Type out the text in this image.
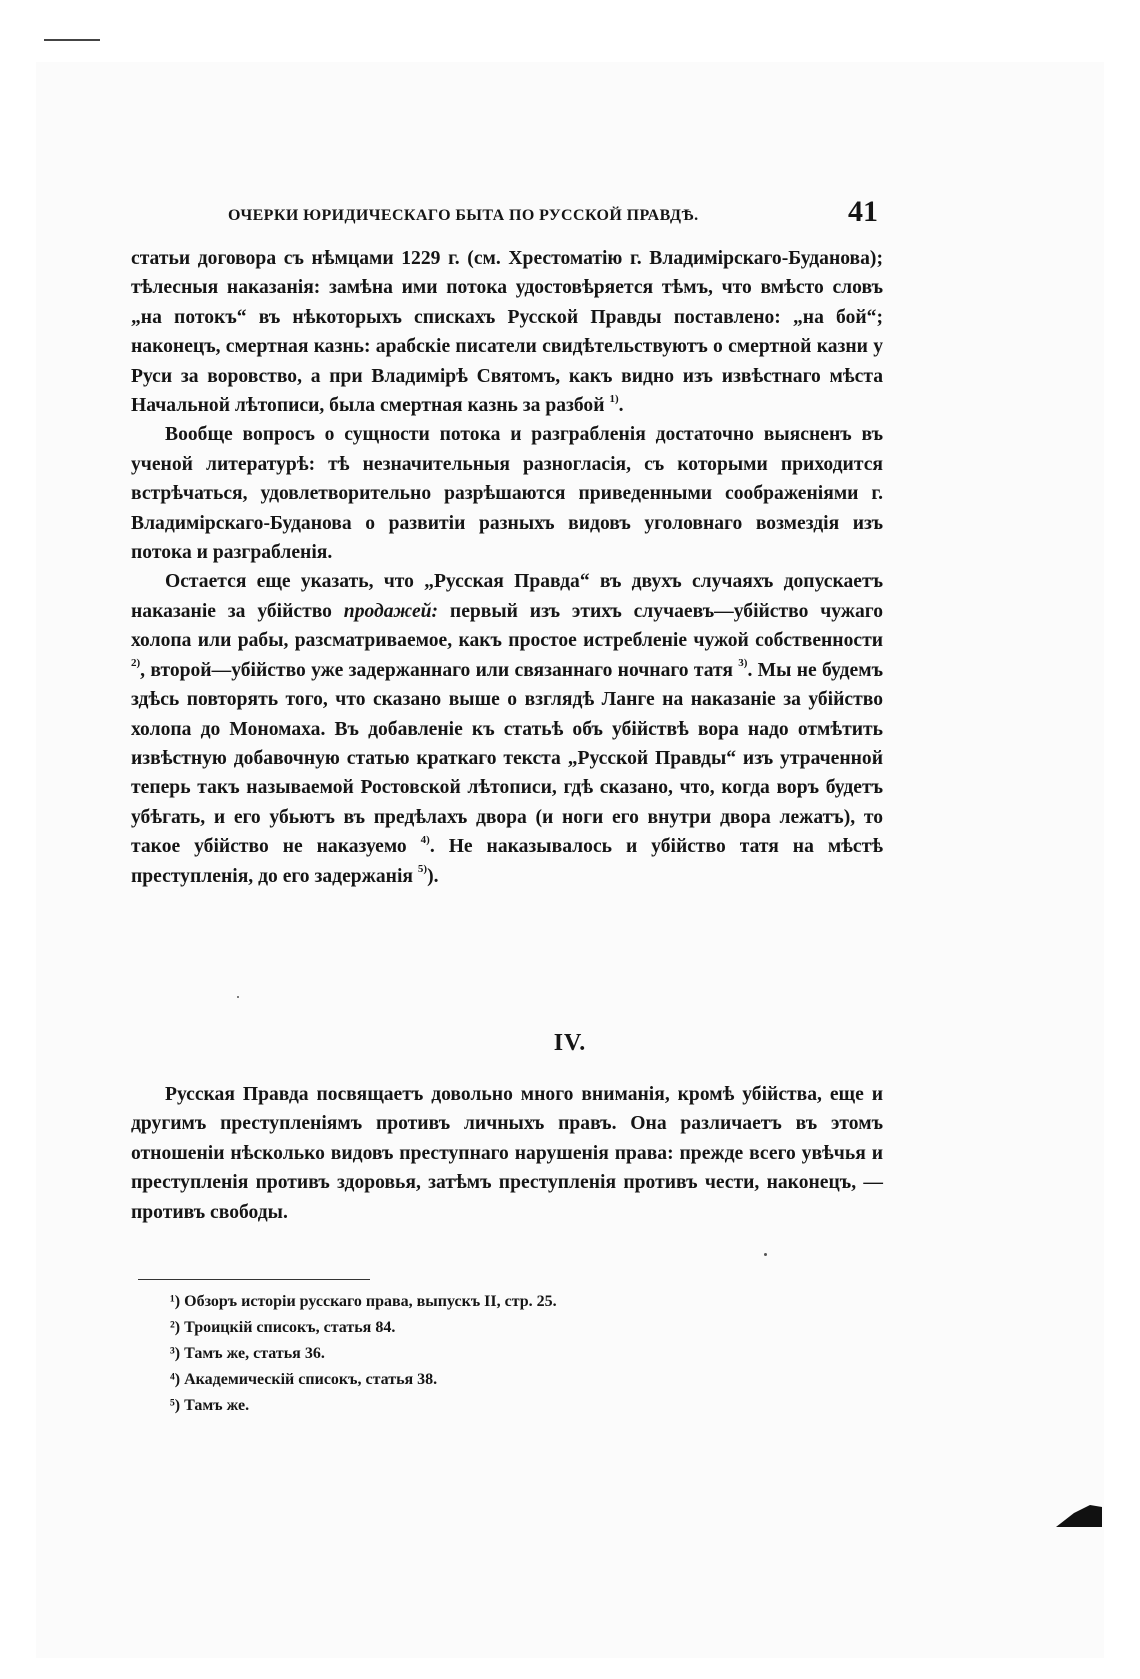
ОЧЕРКИ ЮРИДИЧЕСКАГО БЫТА ПО РУССКОЙ ПРАВДѢ.	41

статьи договора съ нѣмцами 1229 г. (см. Хрестоматію г. Владимірскаго-Буданова); тѣлесныя наказанія: замѣна ими потока удостовѣряется тѣмъ, что вмѣсто словъ „на потокъ“ въ нѣкоторыхъ спискахъ Русской Правды поставлено: „на бой“; наконецъ, смертная казнь: арабскіе писатели свидѣтельствуютъ о смертной казни у Руси за воровство, а при Владимірѣ Святомъ, какъ видно изъ извѣстнаго мѣста Начальной лѣтописи, была смертная казнь за разбой $^{1)}$.

Вообще вопросъ о сущности потока и разграбленія достаточно выясненъ въ ученой литературѣ: тѣ незначительныя разногласія, съ которыми приходится встрѣчаться, удовлетворительно разрѣшаются приведенными соображеніями г. Владимірскаго-Буданова о развитіи разныхъ видовъ уголовнаго возмездія изъ потока и разграбленія.

Остается еще указать, что „Русская Правда“ въ двухъ случаяхъ допускаетъ наказаніе за убійство продажей: первый изъ этихъ случаевъ—убійство чужаго холопа или рабы, разсматриваемое, какъ простое истребленіе чужой собственности $^{2)}$, второй—убійство уже задержаннаго или связаннаго ночнаго татя $^{3)}$. Мы не будемъ здѣсь повторять того, что сказано выше о взглядѣ Ланге на наказаніе за убійство холопа до Мономаха. Въ добавленіе къ статьѣ объ убійствѣ вора надо отмѣтить извѣстную добавочную статью краткаго текста „Русской Правды“ изъ утраченной теперь такъ называемой Ростовской лѣтописи, гдѣ сказано, что, когда воръ будетъ убѣгать, и его убьютъ въ предѣлахъ двора (и ноги его внутри двора лежатъ), то такое убійство не наказуемо $^{4)}$. Не наказывалось и убійство татя на мѣстѣ преступленія, до его задержанія $^{5)}$).

IV.

Русская Правда посвящаетъ довольно много вниманія, кромѣ убійства, еще и другимъ преступленіямъ противъ личныхъ правъ. Она различаетъ въ этомъ отношеніи нѣсколько видовъ преступнаго нарушенія права: прежде всего увѣчья и преступленія противъ здоровья, затѣмъ преступленія противъ чести, наконецъ, — противъ свободы.

¹) Обзоръ исторіи русскаго права, выпускъ II, стр. 25.
²) Троицкій списокъ, статья 84.
³) Тамъ же, статья 36.
⁴) Академическій списокъ, статья 38.
⁵) Тамъ же.
